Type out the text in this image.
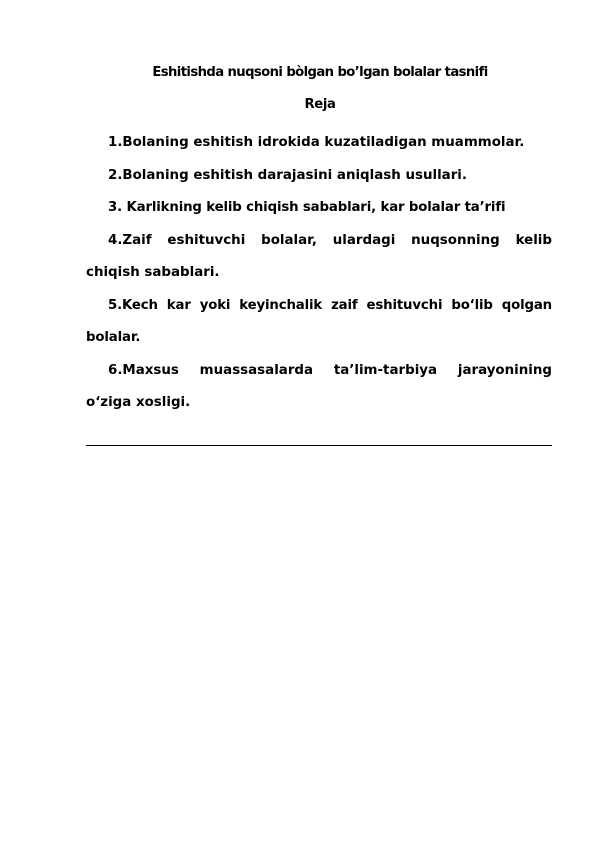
Eshitishda nuqsoni bòlgan bo’lgan bolalar tasnifi
Reja
1.Bolaning eshitish idrokida kuzatiladigan muammolar.
2.Bolaning eshitish darajasini aniqlash usullari.
3. Karlikning kelib chiqish sabablari, kar bolalar ta’rifi
4.Zaif eshituvchi bolalar, ulardagi nuqsonning kelib chiqish sabablari.
5.Kech kar yoki keyinchalik zaif eshituvchi bo‘lib qolgan bolalar.
6.Maxsus muassasalarda ta’lim-tarbiya jarayonining o‘ziga xosligi.
